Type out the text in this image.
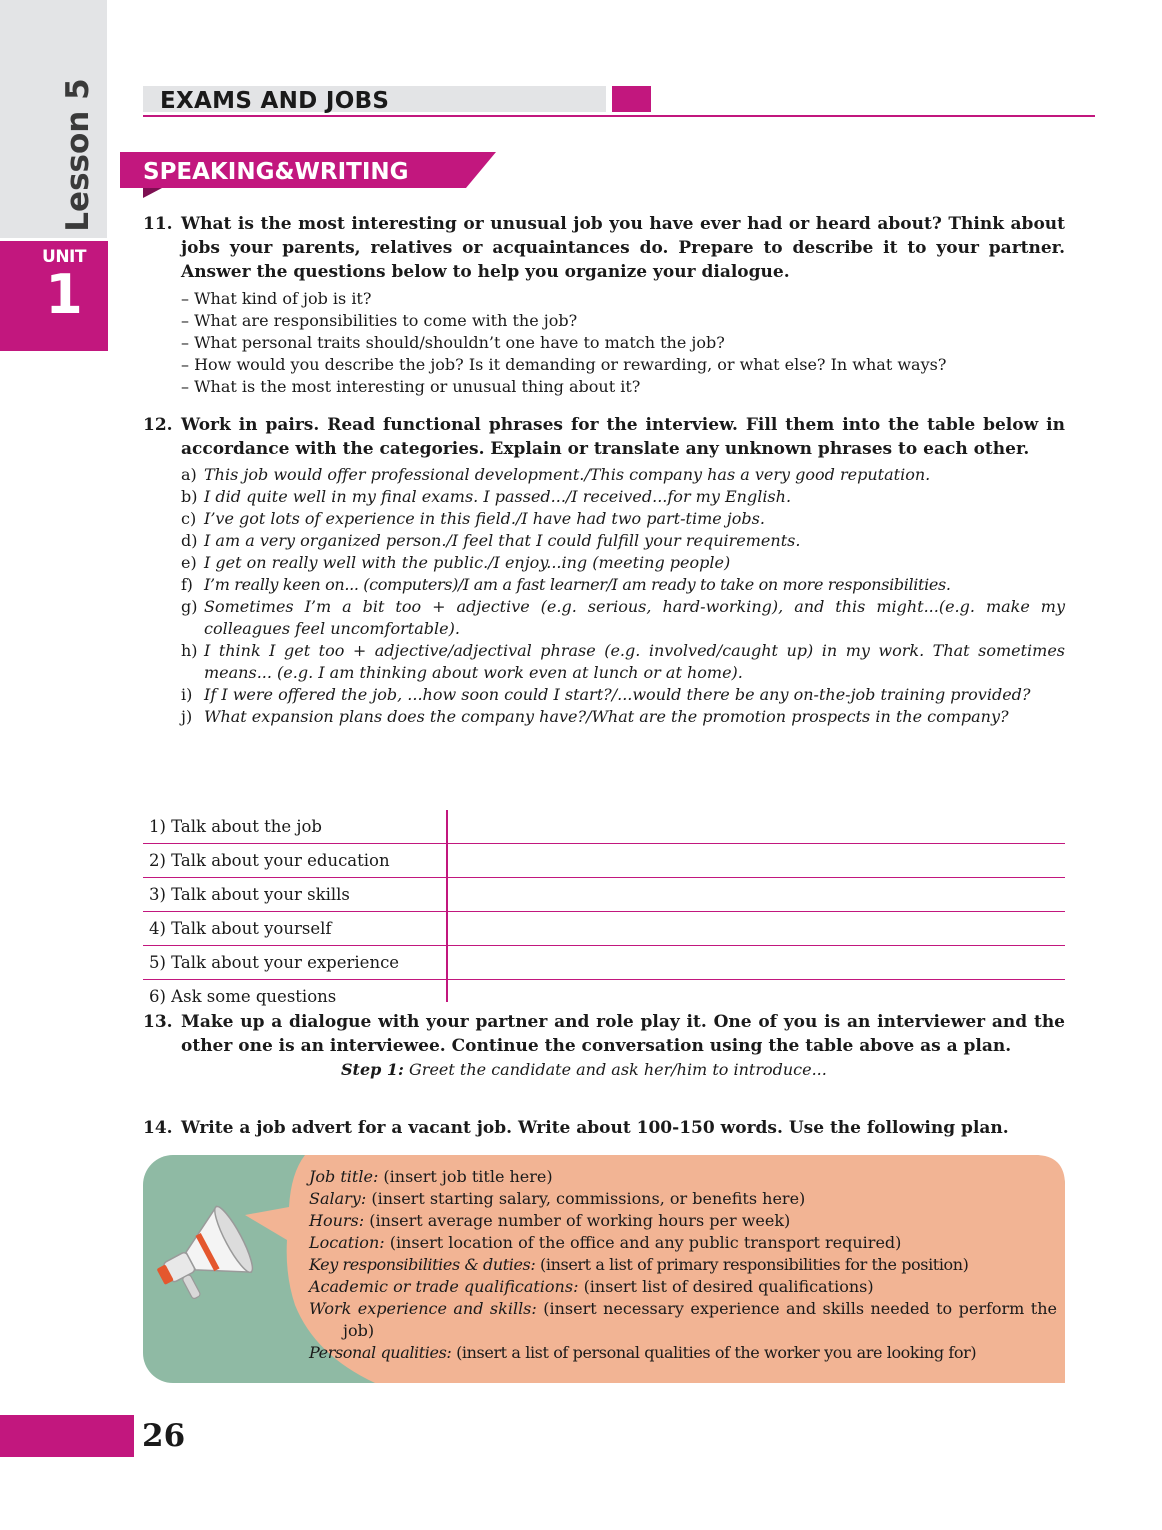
Lesson 5
UNIT
1
EXAMS AND JOBS
SPEAKING&WRITING

11. What is the most interesting or unusual job you have ever had or heard about? Think about jobs your parents, relatives or acquaintances do. Prepare to describe it to your partner. Answer the questions below to help you organize your dialogue.

– What kind of job is it?

– What are responsibilities to come with the job?

– What personal traits should/shouldn’t one have to match the job?

– How would you describe the job? Is it demanding or rewarding, or what else? In what ways?

– What is the most interesting or unusual thing about it?

12. Work in pairs. Read functional phrases for the interview. Fill them into the table below in accordance with the categories. Explain or translate any unknown phrases to each other.

a) This job would offer professional development./This company has a very good reputation.

b) I did quite well in my final exams. I passed.../I received...for my English.

c) I’ve got lots of experience in this field./I have had two part-time jobs.

d) I am a very organized person./I feel that I could fulfill your requirements.

e) I get on really well with the public./I enjoy...ing (meeting people)

f) I’m really keen on... (computers)/I am a fast learner/I am ready to take on more responsibilities.

g) Sometimes I’m a bit too + adjective (e.g. serious, hard-working), and this might...(e.g. make my colleagues feel uncomfortable).

h) I think I get too + adjective/adjectival phrase (e.g. involved/caught up) in my work. That sometimes means... (e.g. I am thinking about work even at lunch or at home).

i) If I were offered the job, ...how soon could I start?/...would there be any on-the-job training provided?

j) What expansion plans does the company have?/What are the promotion prospects in the company?

1) Talk about the job
2) Talk about your education
3) Talk about your skills
4) Talk about yourself
5) Talk about your experience
6) Ask some questions

13. Make up a dialogue with your partner and role play it. One of you is an interviewer and the other one is an interviewee. Continue the conversation using the table above as a plan.

Step 1: Greet the candidate and ask her/him to introduce...

14. Write a job advert for a vacant job. Write about 100-150 words. Use the following plan.

Job title: (insert job title here)

Salary: (insert starting salary, commissions, or benefits here)

Hours: (insert average number of working hours per week)

Location: (insert location of the office and any public transport required)

Key responsibilities & duties: (insert a list of primary responsibilities for the position)

Academic or trade qualifications: (insert list of desired qualifications)

Work experience and skills: (insert necessary experience and skills needed to perform the job)

Personal qualities: (insert a list of personal qualities of the worker you are looking for)

26
